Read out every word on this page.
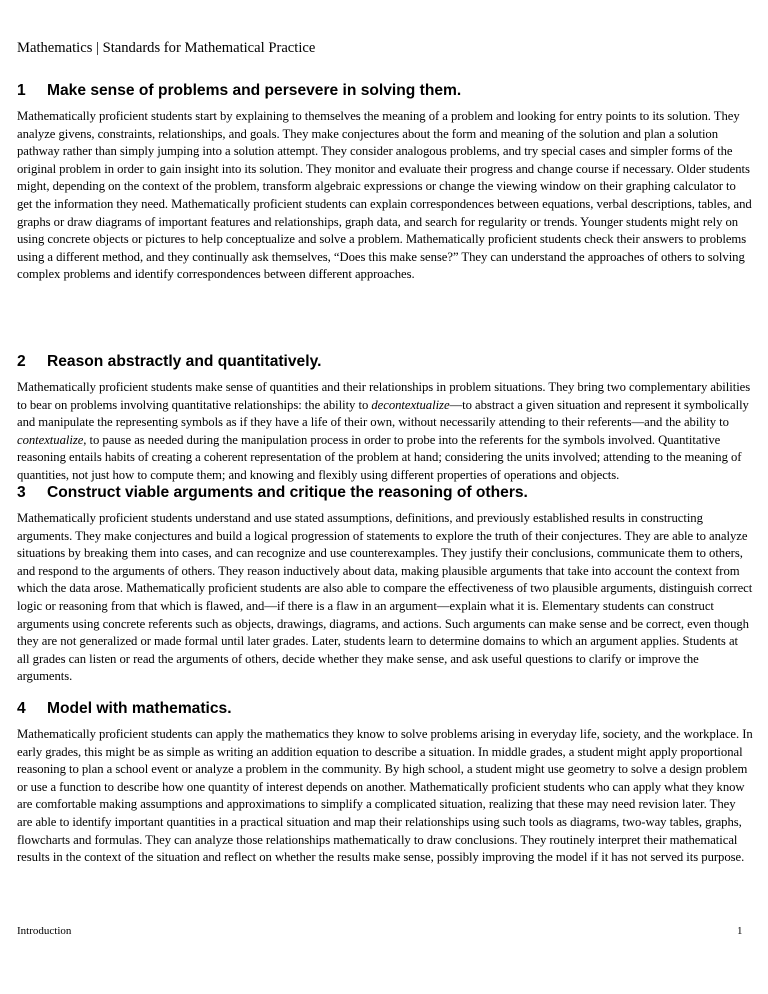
Mathematics | Standards for Mathematical Practice
1	Make sense of problems and persevere in solving them.
Mathematically proficient students start by explaining to themselves the meaning of a problem and looking for entry points to its solution. They analyze givens, constraints, relationships, and goals. They make conjectures about the form and meaning of the solution and plan a solution pathway rather than simply jumping into a solution attempt. They consider analogous problems, and try special cases and simpler forms of the original problem in order to gain insight into its solution. They monitor and evaluate their progress and change course if necessary. Older students might, depending on the context of the problem, transform algebraic expressions or change the viewing window on their graphing calculator to get the information they need. Mathematically proficient students can explain correspondences between equations, verbal descriptions, tables, and graphs or draw diagrams of important features and relationships, graph data, and search for regularity or trends. Younger students might rely on using concrete objects or pictures to help conceptualize and solve a problem. Mathematically proficient students check their answers to problems using a different method, and they continually ask themselves, “Does this make sense?” They can understand the approaches of others to solving complex problems and identify correspondences between different approaches.
2	Reason abstractly and quantitatively.
Mathematically proficient students make sense of quantities and their relationships in problem situations. They bring two complementary abilities to bear on problems involving quantitative relationships: the ability to decontextualize—to abstract a given situation and represent it symbolically and manipulate the representing symbols as if they have a life of their own, without necessarily attending to their referents—and the ability to contextualize, to pause as needed during the manipulation process in order to probe into the referents for the symbols involved. Quantitative reasoning entails habits of creating a coherent representation of the problem at hand; considering the units involved; attending to the meaning of quantities, not just how to compute them; and knowing and flexibly using different properties of operations and objects.
3	Construct viable arguments and critique the reasoning of others.
Mathematically proficient students understand and use stated assumptions, definitions, and previously established results in constructing arguments. They make conjectures and build a logical progression of statements to explore the truth of their conjectures. They are able to analyze situations by breaking them into cases, and can recognize and use counterexamples. They justify their conclusions, communicate them to others, and respond to the arguments of others. They reason inductively about data, making plausible arguments that take into account the context from which the data arose. Mathematically proficient students are also able to compare the effectiveness of two plausible arguments, distinguish correct logic or reasoning from that which is flawed, and—if there is a flaw in an argument—explain what it is. Elementary students can construct arguments using concrete referents such as objects, drawings, diagrams, and actions. Such arguments can make sense and be correct, even though they are not generalized or made formal until later grades. Later, students learn to determine domains to which an argument applies. Students at all grades can listen or read the arguments of others, decide whether they make sense, and ask useful questions to clarify or improve the arguments.
4	Model with mathematics.
Mathematically proficient students can apply the mathematics they know to solve problems arising in everyday life, society, and the workplace. In early grades, this might be as simple as writing an addition equation to describe a situation. In middle grades, a student might apply proportional reasoning to plan a school event or analyze a problem in the community. By high school, a student might use geometry to solve a design problem or use a function to describe how one quantity of interest depends on another. Mathematically proficient students who can apply what they know are comfortable making assumptions and approximations to simplify a complicated situation, realizing that these may need revision later. They are able to identify important quantities in a practical situation and map their relationships using such tools as diagrams, two-way tables, graphs, flowcharts and formulas. They can analyze those relationships mathematically to draw conclusions. They routinely interpret their mathematical results in the context of the situation and reflect on whether the results make sense, possibly improving the model if it has not served its purpose.
Introduction	1
